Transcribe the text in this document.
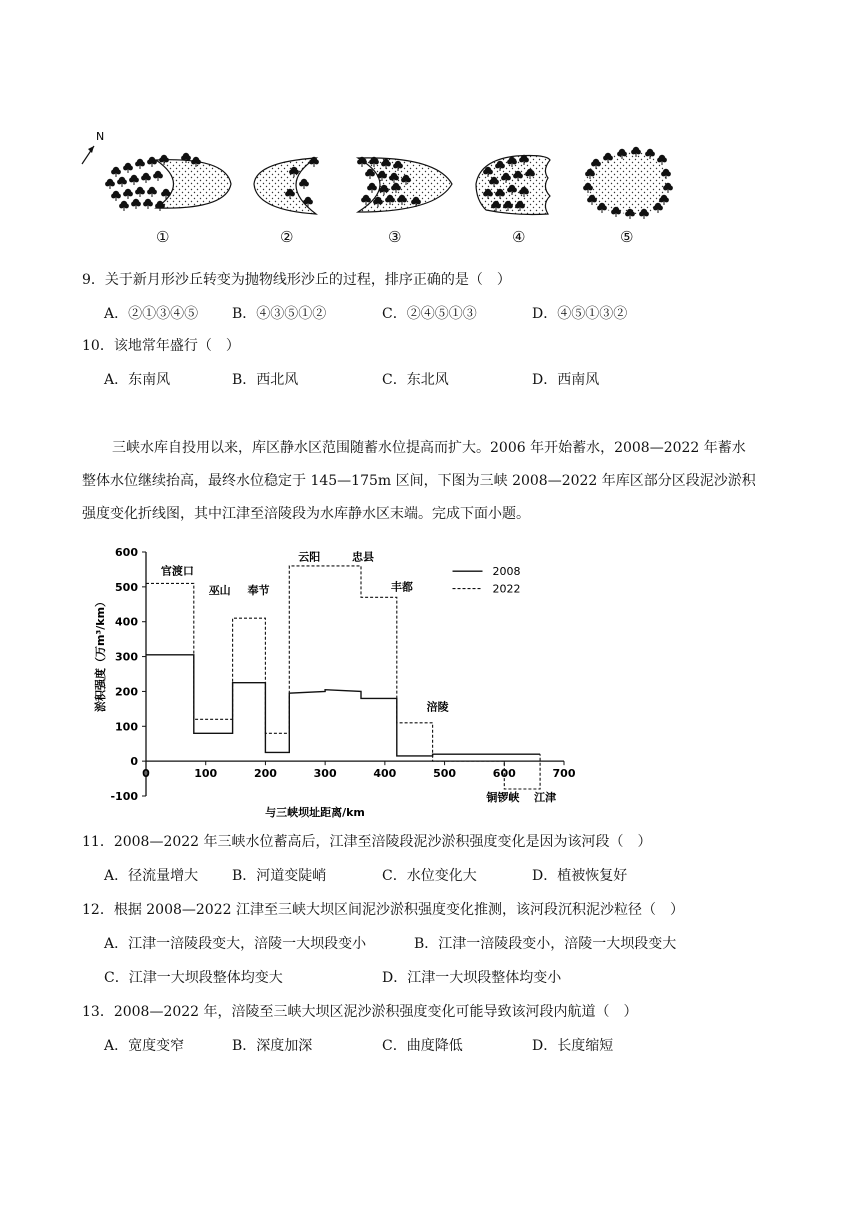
N
①	②	③	④	⑤
9．关于新月形沙丘转变为抛物线形沙丘的过程，排序正确的是（　）
A．②①③④⑤ B．④③⑤①②	C．②④⑤①③	D．④⑤①③②
10．该地常年盛行（　）
A．东南风	B．西北风	C．东北风	D．西南风
三峡水库自投用以来，库区静水区范围随蓄水位提高而扩大。2006 年开始蓄水，2008—2022 年蓄水
整体水位继续抬高，最终水位稳定于 145—175m 区间，下图为三峡 2008—2022 年库区部分区段泥沙淤积
强度变化折线图，其中江津至涪陵段为水库静水区末端。完成下面小题。
600
500
400
300
200
100
0
-100
0	100	200	300	400	500	600	700
与三峡坝址距离/km
淤积强度（万m³/km）
官渡口
巫山 奉节
云阳	忠县
丰都
涪陵
铜锣峡 江津
2008
2022
11．2008—2022 年三峡水位蓄高后，江津至涪陵段泥沙淤积强度变化是因为该河段（　）
A．径流量增大 B．河道变陡峭	C．水位变化大	D．植被恢复好
12．根据 2008—2022 江津至三峡大坝区间泥沙淤积强度变化推测，该河段沉积泥沙粒径（　）
A．江津一涪陵段变大，涪陵一大坝段变小	B．江津一涪陵段变小，涪陵一大坝段变大
C．江津一大坝段整体均变大	D．江津一大坝段整体均变小
13．2008—2022 年，涪陵至三峡大坝区泥沙淤积强度变化可能导致该河段内航道（　）
A．宽度变窄	B．深度加深	C．曲度降低	D．长度缩短
